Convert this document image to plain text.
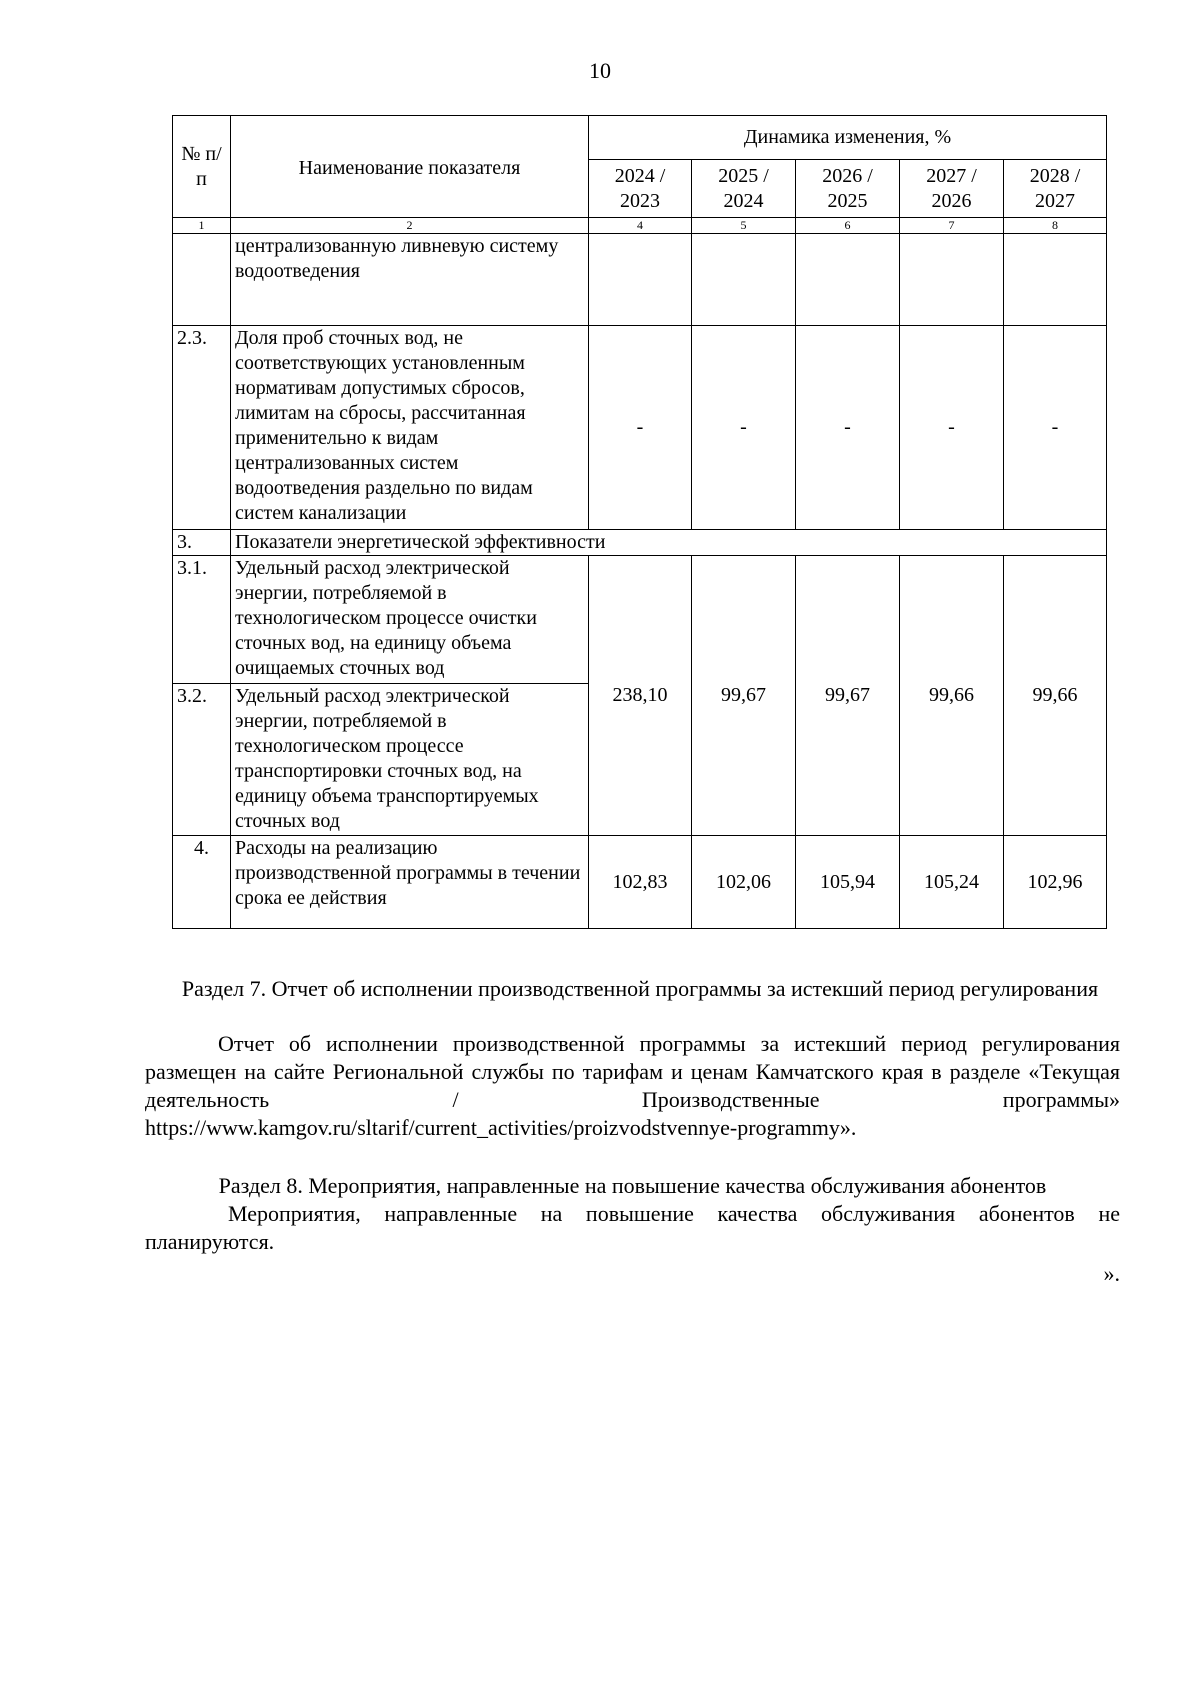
10
№ п/п	Наименование показателя	Динамика изменения, %				
		2024 / 2023	2025 / 2024	2026 / 2025	2027 / 2026	2028 / 2027
1	2	4	5	6	7	8
	централизованную ливневую систему водоотведения					
2.3.	Доля проб сточных вод, не соответствующих установленным нормативам допустимых сбросов, лимитам на сбросы, рассчитанная применительно к видам централизованных систем водоотведения раздельно по видам систем канализации	-	-	-	-	-
3.	Показатели энергетической эффективности					
3.1.	Удельный расход электрической энергии, потребляемой в технологическом процессе очистки сточных вод, на единицу объема очищаемых сточных вод	238,10	99,67	99,67	99,66	99,66
3.2.	Удельный расход электрической энергии, потребляемой в технологическом процессе транспортировки сточных вод, на единицу объема транспортируемых сточных вод					
4.	Расходы на реализацию производственной программы в течении срока ее действия	102,83	102,06	105,94	105,24	102,96
Раздел 7. Отчет об исполнении производственной программы за истекший период регулирования
Отчет об исполнении производственной программы за истекший период регулирования размещен на сайте Региональной службы по тарифам и ценам Камчатского края в разделе «Текущая деятельность / Производственные программы» https://www.kamgov.ru/sltarif/current_activities/proizvodstvennye-programmy».
Раздел 8. Мероприятия, направленные на повышение качества обслуживания абонентов
Мероприятия, направленные на повышение качества обслуживания абонентов не планируются.
».
